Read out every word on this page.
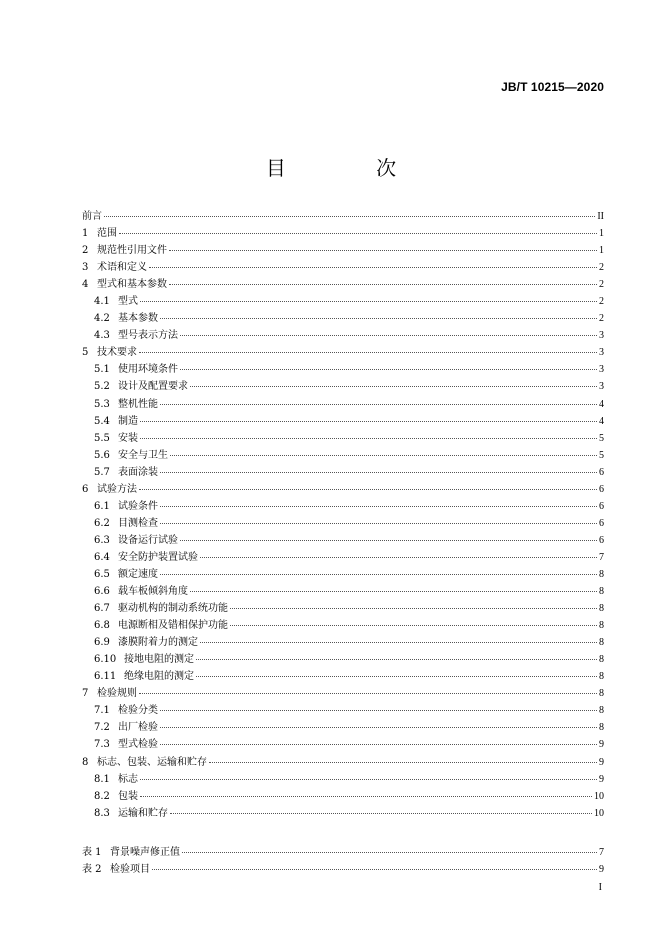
JB/T 10215—2020
目 次
前言	II
1 范围	1
2 规范性引用文件	1
3 术语和定义	2
4 型式和基本参数	2
4.1 型式	2
4.2 基本参数	2
4.3 型号表示方法	3
5 技术要求	3
5.1 使用环境条件	3
5.2 设计及配置要求	3
5.3 整机性能	4
5.4 制造	4
5.5 安装	5
5.6 安全与卫生	5
5.7 表面涂装	6
6 试验方法	6
6.1 试验条件	6
6.2 目测检查	6
6.3 设备运行试验	6
6.4 安全防护装置试验	7
6.5 额定速度	8
6.6 载车板倾斜角度	8
6.7 驱动机构的制动系统功能	8
6.8 电源断相及错相保护功能	8
6.9 漆膜附着力的测定	8
6.10 接地电阻的测定	8
6.11 绝缘电阻的测定	8
7 检验规则	8
7.1 检验分类	8
7.2 出厂检验	8
7.3 型式检验	9
8 标志、包装、运输和贮存	9
8.1 标志	9
8.2 包装	10
8.3 运输和贮存	10
表 1 背景噪声修正值	7
表 2 检验项目	9
I
